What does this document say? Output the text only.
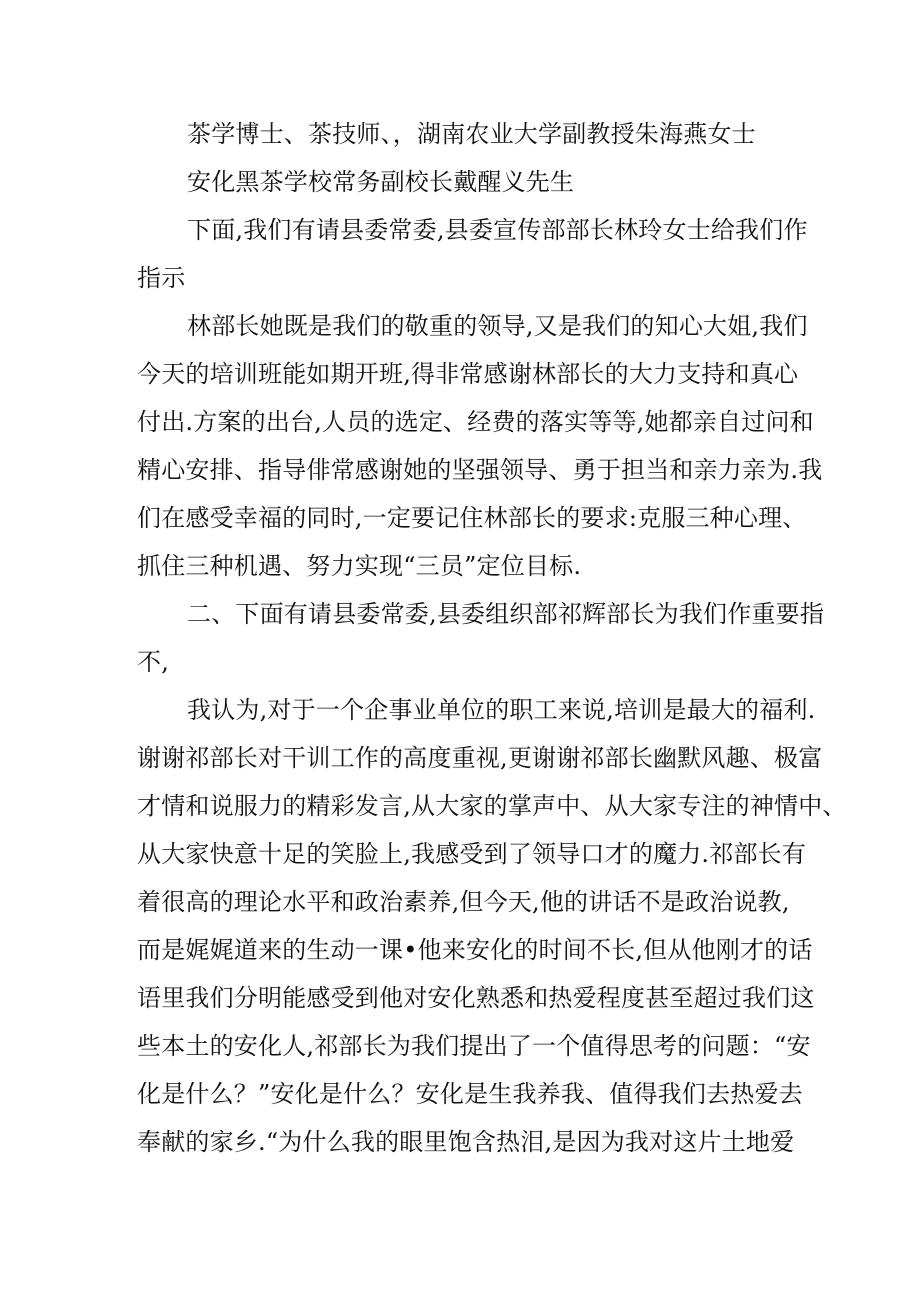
茶学博士、茶技师、，湖南农业大学副教授朱海燕女士
安化黑茶学校常务副校长戴醒义先生
下面,我们有请县委常委,县委宣传部部长林玲女士给我们作
指示
林部长她既是我们的敬重的领导,又是我们的知心大姐,我们
今天的培训班能如期开班,得非常感谢林部长的大力支持和真心
付出.方案的出台,人员的选定、经费的落实等等,她都亲自过问和
精心安排、指导俳常感谢她的坚强领导、勇于担当和亲力亲为.我
们在感受幸福的同时,一定要记住林部长的要求:克服三种心理、
抓住三种机遇、努力实现“三员”定位目标.
二、下面有请县委常委,县委组织部祁辉部长为我们作重要指
不,
我认为,对于一个企事业单位的职工来说,培训是最大的福利.
谢谢祁部长对干训工作的高度重视,更谢谢祁部长幽默风趣、极富
才情和说服力的精彩发言,从大家的掌声中、从大家专注的神情中、
从大家快意十足的笑脸上,我感受到了领导口才的魔力.祁部长有
着很高的理论水平和政治素养,但今天,他的讲话不是政治说教,
而是娓娓道来的生动一课•他来安化的时间不长,但从他刚才的话
语里我们分明能感受到他对安化熟悉和热爱程度甚至超过我们这
些本土的安化人,祁部长为我们提出了一个值得思考的问题：“安
化是什么？”安化是什么？安化是生我养我、值得我们去热爱去
奉献的家乡.“为什么我的眼里饱含热泪,是因为我对这片土地爱
